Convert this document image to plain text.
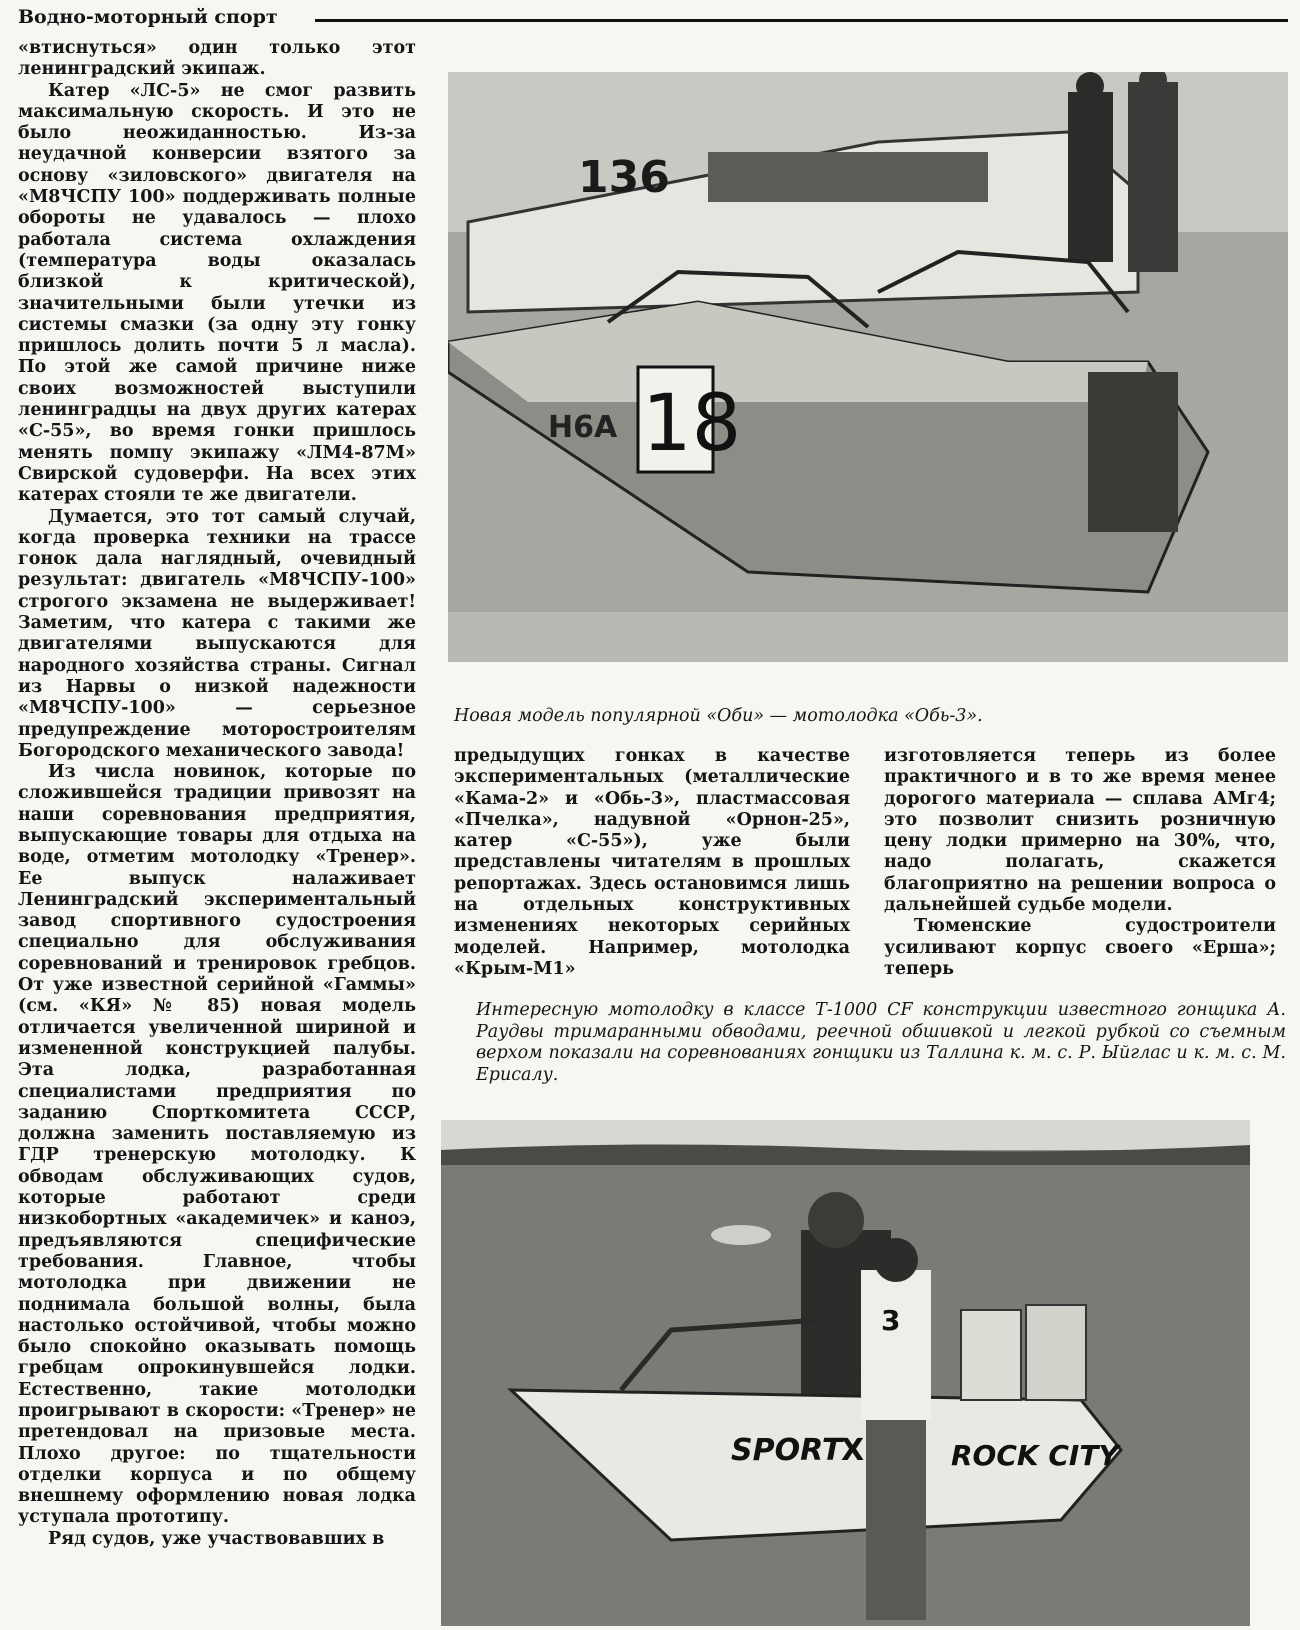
Водно-моторный спорт

«втиснуться» один только этот ленинградский экипаж.

Катер «ЛС-5» не смог развить максимальную скорость. И это не было неожиданностью. Из-за неудачной конверсии взятого за основу «зиловского» двигателя на «М8ЧСПУ 100» поддерживать полные обороты не удавалось — плохо работала система охлаждения (температура воды оказалась близкой к критической), значительными были утечки из системы смазки (за одну эту гонку пришлось долить почти 5 л масла). По этой же самой причине ниже своих возможностей выступили ленинградцы на двух других катерах «С-55», во время гонки пришлось менять помпу экипажу «ЛМ4-87М» Свирской судоверфи. На всех этих катерах стояли те же двигатели.

Думается, это тот самый случай, когда проверка техники на трассе гонок дала наглядный, очевидный результат: двигатель «М8ЧСПУ-100» строгого экзамена не выдерживает! Заметим, что катера с такими же двигателями выпускаются для народного хозяйства страны. Сигнал из Нарвы о низкой надежности «М8ЧСПУ-100» — серьезное предупреждение моторостроителям Богородского механического завода!

Из числа новинок, которые по сложившейся традиции привозят на наши соревнования предприятия, выпускающие товары для отдыха на воде, отметим мотолодку «Тренер». Ее выпуск налаживает Ленинградский экспериментальный завод спортивного судостроения специально для обслуживания соревнований и тренировок гребцов. От уже известной серийной «Гаммы» (см. «КЯ» № 85) новая модель отличается увеличенной шириной и измененной конструкцией палубы. Эта лодка, разработанная специалистами предприятия по заданию Спорткомитета СССР, должна заменить поставляемую из ГДР тренерскую мотолодку. К обводам обслуживающих судов, которые работают среди низкобортных «академичек» и каноэ, предъявляются специфические требования. Главное, чтобы мотолодка при движении не поднимала большой волны, была настолько остойчивой, чтобы можно было спокойно оказывать помощь гребцам опрокинувшейся лодки. Естественно, такие мотолодки проигрывают в скорости: «Тренер» не претендовал на призовые места. Плохо другое: по тщательности отделки корпуса и по общему внешнему оформлению новая лодка уступала прототипу.

Ряд судов, уже участвовавших в

136
18
Н6А
Новая модель популярной «Оби» — мотолодка «Обь-3».

предыдущих гонках в качестве экспериментальных (металлические «Кама-2» и «Обь-3», пластмассовая «Пчелка», надувной «Орнон-25», катер «С-55»), уже были представлены читателям в прошлых репортажах. Здесь остановимся лишь на отдельных конструктивных изменениях некоторых серийных моделей. Например, мотолодка «Крым-М1»

изготовляется теперь из более практичного и в то же время менее дорогого материала — сплава АМг4; это позволит снизить розничную цену лодки примерно на 30%, что, надо полагать, скажется благоприятно на решении вопроса о дальнейшей судьбе модели.

Тюменские судостроители усиливают корпус своего «Ерша»; теперь

Интересную мотолодку в классе Т-1000 CF конструкции известного гонщика А. Раудвы тримаранными обводами, реечной обшивкой и легкой рубкой со съемным верхом показали на соревнованиях гонщики из Таллина к. м. с. Р. Ыйглас и к. м. с. М. Ерисалу.
3
SPORT
Х	ROCK CITY
